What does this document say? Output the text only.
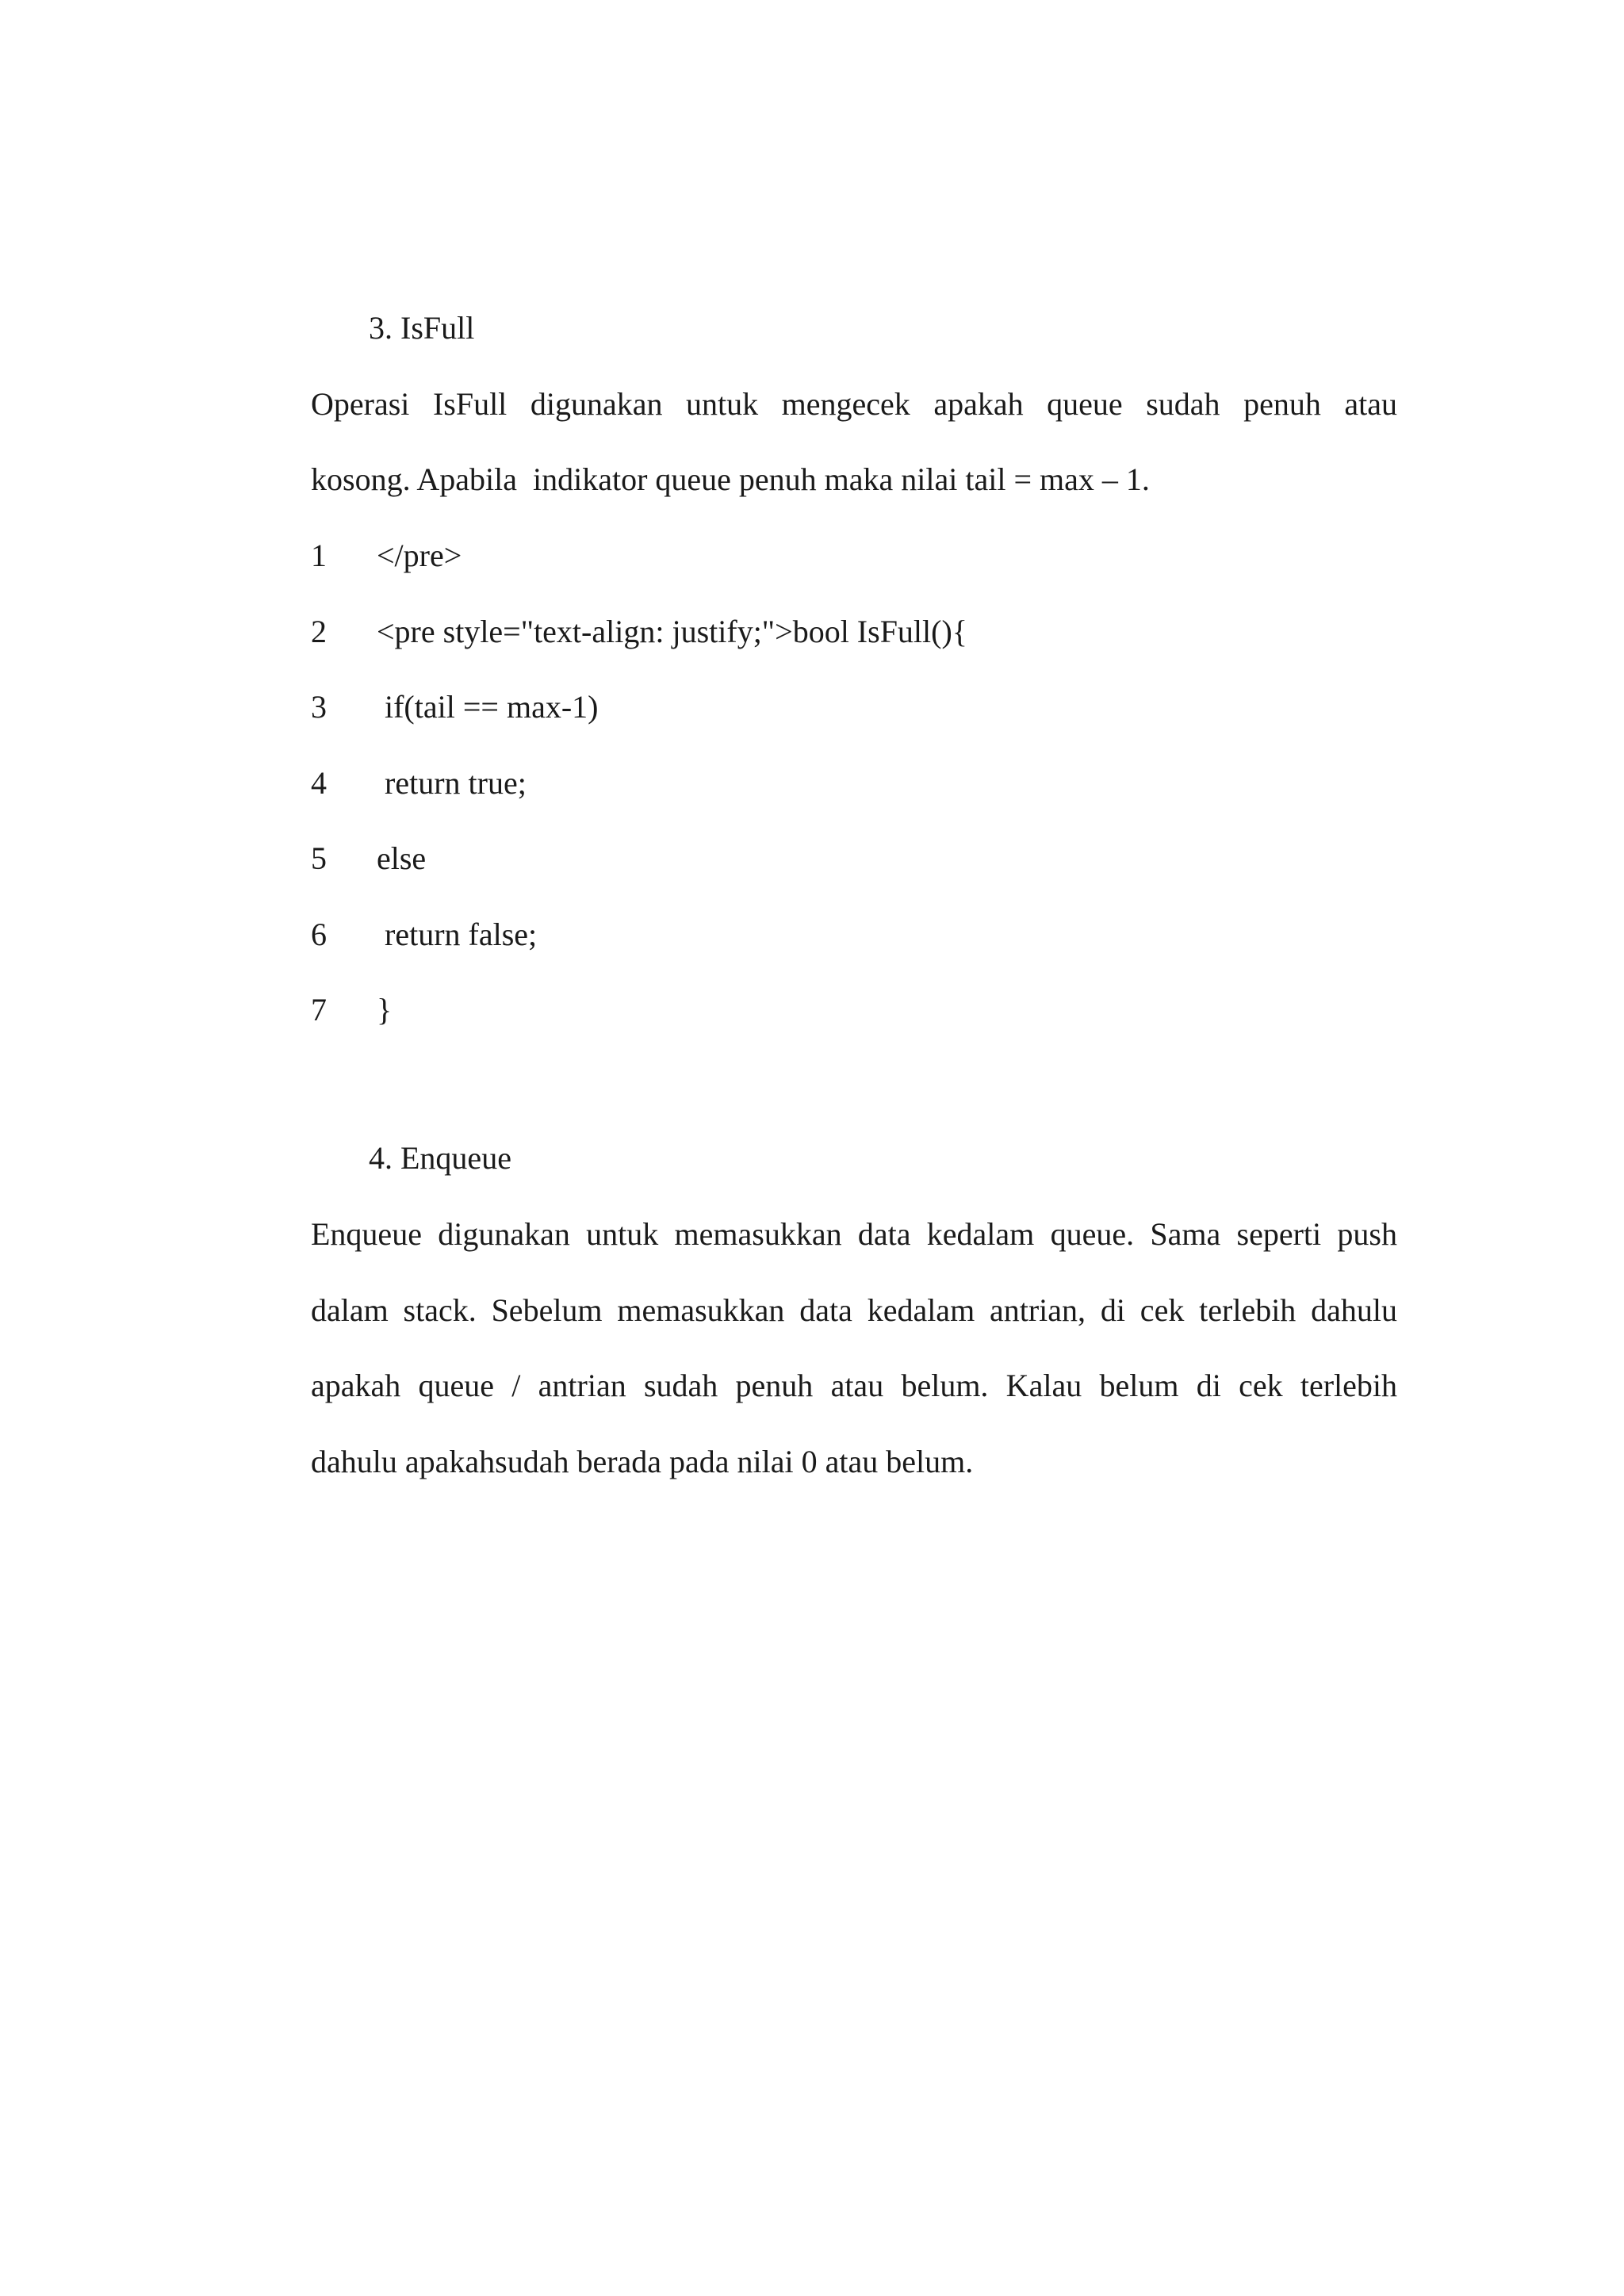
3. IsFull

Operasi IsFull digunakan untuk mengecek apakah queue sudah penuh atau

kosong. Apabila  indikator queue penuh maka nilai tail = max – 1.

1 </pre>

2 <pre style="text-align: justify;">bool IsFull(){

3 if(tail == max-1)

4 return true;

5 else

6 return false;

7 }

4. Enqueue

Enqueue digunakan untuk memasukkan data kedalam queue. Sama seperti push

dalam stack. Sebelum memasukkan data kedalam antrian, di cek terlebih dahulu

apakah queue / antrian sudah penuh atau belum. Kalau belum di cek terlebih

dahulu apakahsudah berada pada nilai 0 atau belum.
